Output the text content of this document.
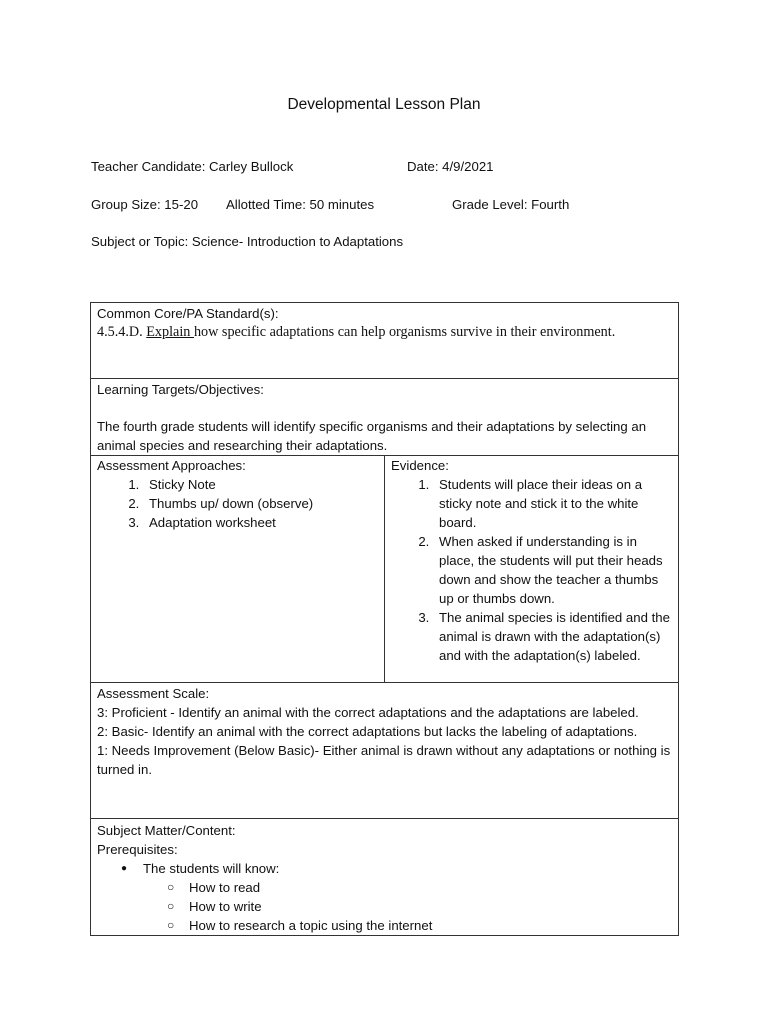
Developmental Lesson Plan
Teacher Candidate: Carley Bullock	Date: 4/9/2021
Group Size: 15-20 Allotted Time: 50 minutes	Grade Level: Fourth
Subject or Topic: Science- Introduction to Adaptations
Common Core/PA Standard(s):
4.5.4.D. Explain how specific adaptations can help organisms survive in their environment.

Learning Targets/Objectives:
The fourth grade students will identify specific organisms and their adaptations by selecting an animal species and researching their adaptations.

Assessment Approaches:
1. Sticky Note
2. Thumbs up/ down (observe)
3. Adaptation worksheet

Evidence:
1. Students will place their ideas on a sticky note and stick it to the white board.
2. When asked if understanding is in place, the students will put their heads down and show the teacher a thumbs up or thumbs down.
3. The animal species is identified and the animal is drawn with the adaptation(s) and with the adaptation(s) labeled.

Assessment Scale:
3: Proficient - Identify an animal with the correct adaptations and the adaptations are labeled.
2: Basic- Identify an animal with the correct adaptations but lacks the labeling of adaptations.
1: Needs Improvement (Below Basic)- Either animal is drawn without any adaptations or nothing is turned in.

Subject Matter/Content:
Prerequisites:
● The students will know:
○ How to read
○ How to write
○ How to research a topic using the internet
